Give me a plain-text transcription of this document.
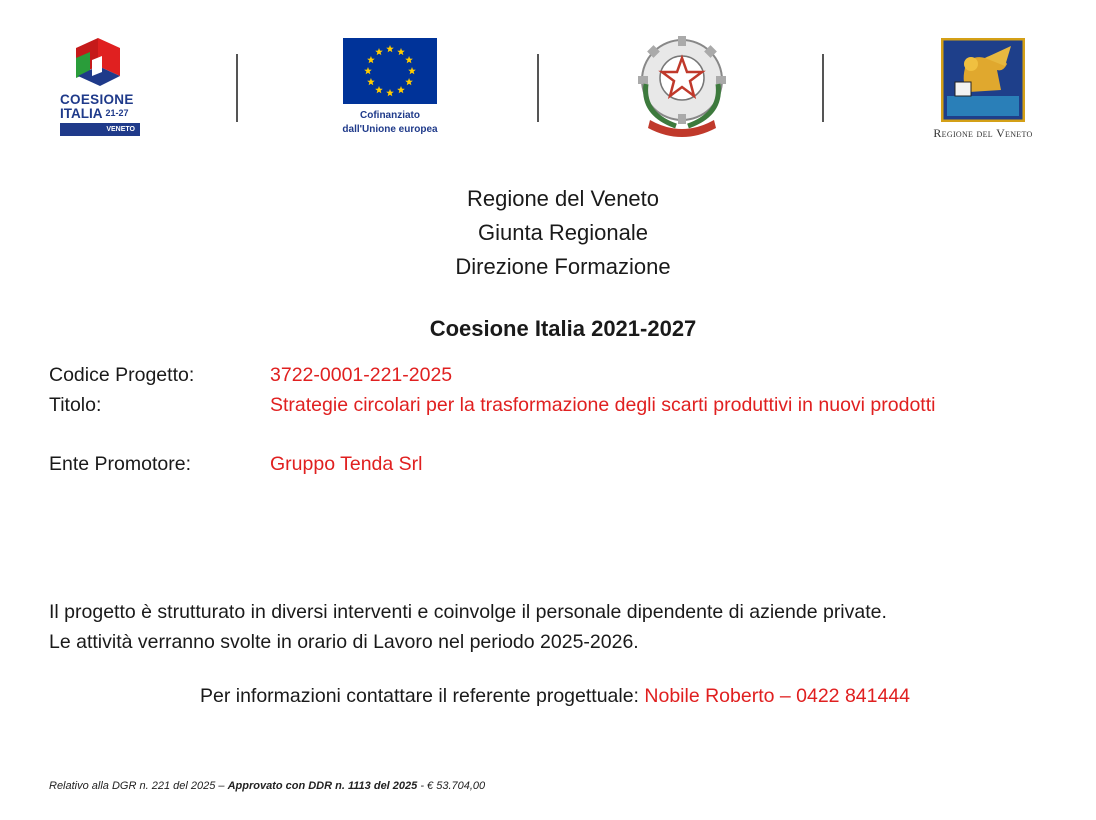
COESIONE
ITALIA 21-27
VENETO
Cofinanziato
dall'Unione europea	Regione del Veneto
Regione del Veneto
Giunta Regionale
Direzione Formazione
Coesione Italia 2021-2027
Codice Progetto:	3722-0001-221-2025
Titolo:	Strategie circolari per la trasformazione degli scarti produttivi in nuovi prodotti
Ente Promotore:	Gruppo Tenda Srl
Il progetto è strutturato in diversi interventi e coinvolge il personale dipendente di aziende private.
Le attività verranno svolte in orario di Lavoro nel periodo 2025-2026.
Per informazioni contattare il referente progettuale: Nobile Roberto – 0422 841444
Relativo alla DGR n. 221 del 2025 – Approvato con DDR n. 1113 del 2025 - € 53.704,00
